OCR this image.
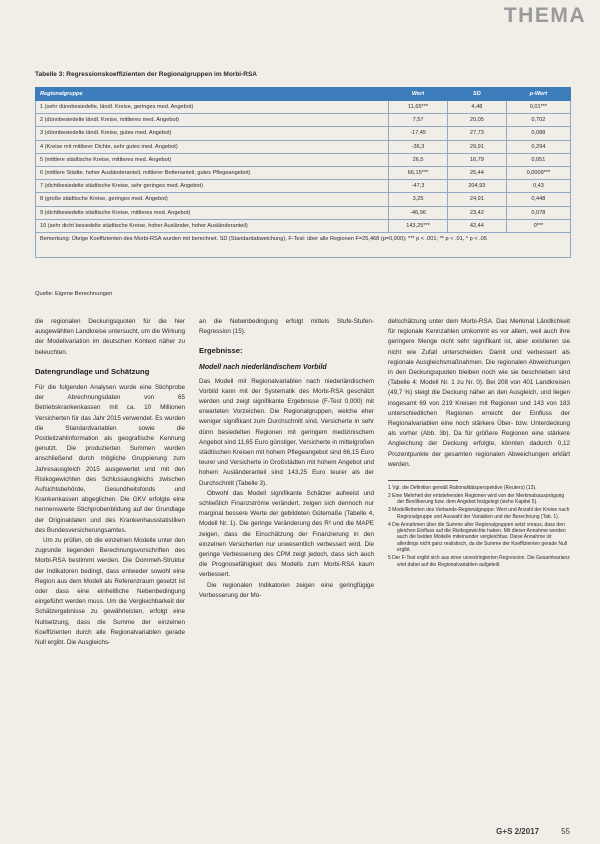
THEMA
Tabelle 3: Regressionskoeffizienten der Regionalgruppen im Morbi-RSA
Regionalgruppe	Wert	SD	p-Wert
1 (sehr dünnbesiedelte, ländl. Kreise, geringes med. Angebot)	11,65***	4,48	0,01***
2 (dünnbesiedelte ländl. Kreise, mittleres med. Angebot)	7,57	20,05	0,702
3 (dünnbesiedelte ländl. Kreise, gutes med. Angebot)	-17,45	27,73	0,088
4 (Kreise mit mittlerer Dichte, sehr gutes med. Angebot)	-36,3	29,91	0,294
5 (mittlere städtische Kreise, mittleres med. Angebot)	26,5	16,79	0,051
6 (mittlere Städte, hoher Ausländeranteil, mittlerer Bettenanteil, gutes Pflegeangebot)	66,15***	25,44	0,0009***
7 (dichtbesiedelte städtische Kreise, sehr geringes med. Angebot)	-47,3	204,93	0,43
8 (große städtische Kreise, geringes med. Angebot)	3,25	24,91	0,448
9 (dichtbesiedelte städtische Kreise, mittleres med. Angebot)	-46,96	23,42	0,078
10 (sehr dicht besiedelte städtische Kreise, hoher Ausländer, hoher Ausländeranteil)	143,25***	42,44	0***
Bemerkung: Übrige Koeffizienten des Morbi-RSA wurden mit berechnet. SD (Standardabweichung), F-Test: über alle Regionen F=25,468 (p=0,000); *** p < .001; ** p < .01, * p < .05			
Quelle: Eigene Berechnungen

die regionalen Deckungsquoten für die hier ausgewählten Landkreise untersucht, um die Wirkung der Modellvariation im deutschen Kontext näher zu beleuchten.

Datengrundlage und Schätzung

Für die folgenden Analysen wurde eine Stichprobe der Abrechnungsdaten von 65 Betriebskrankenkassen mit ca. 10 Millionen Versicherten für das Jahr 2015 verwendet. Es wurden die Standardvariablen sowie die Postleitzahlinformation als geografische Kennung genutzt. Die produzierten Summen wurden anschließend durch mögliche Gruppierung zum Jahresausgleich 2015 ausgewertet und mit den Risikogewichten des Schlussausgleichs zwischen Aufsichtsbehörde, Gesundheitsfonds und Krankenkassen abgeglichen. Die GKV erfolgte eine nennenswerte Stichprobenbildung auf der Grundlage der Originaldaten und des Krankenhausstatistiken des Bundesversicherungsamtes.

Um zu prüfen, ob die einzelnen Modelle unter den zugrunde liegenden Berechnungsvorschriften des Morbi-RSA bestimmt werden. Die Dommeh-Struktur der Indikatoren bedingt, dass entweder sowohl eine Region aus dem Modell als Referenzraum gesetzt ist oder dass eine einheitliche Nebenbedingung eingeführt werden muss. Um die Vergleichbarkeit der Schätzergebnisse zu gewährleisten, erfolgt eine Nullsetzung, dass die Summe der einzelnen Koeffizienten durch alle Regionalvariablen gerade Null ergibt. Die Ausgleichs-

an die Nebenbedingung erfolgt mittels Stufe-Stufen-Regression (15).

Ergebnisse:
Modell nach niederländischem Vorbild

Das Modell mit Regionalvariablen nach niederländischem Vorbild kann mit der Systematik des Morbi-RSA geschätzt werden und zeigt signifikante Ergebnisse (F-Test 0,000) mit erwarteten Vorzeichen. Die Regionalgruppen, welche eher weniger signifikant zum Durchschnitt sind, Versicherte in sehr dünn besiedelten Regionen mit geringem medizinischem Angebot sind 11,65 Euro günstiger, Versicherte in mittelgroßen städtischen Kreisen mit hohem Pflegeangebot sind 66,15 Euro teurer und Versicherte in Großstädten mit hohem Angebot und hohem Ausländeranteil sind 143,25 Euro teurer als der Durchschnitt (Tabelle 3).

Obwohl das Modell signifikante Schätzer aufweist und schließlich Finanzströme verändert, zeigen sich dennoch nur marginal bessere Werte der gebildeten Gütemaße (Tabelle 4, Modell Nr. 1). Die geringe Veränderung des R² und die MAPE zeigen, dass die Einschätzung der Finanzierung in den einzelnen Versicherten nur unwesentlich verbessert wird. Die geringe Verbesserung des CPM zeigt jedoch, dass sich auch die Prognosefähigkeit des Modells zum Morbi-RSA kaum verbessert.

Die regionalen Indikatoren zeigen eine geringfügige Verbesserung der Mo-

dellschätzung unter dem Morbi-RSA. Das Merkmal Ländlichkeit für regionale Kennzahlen umkommt es vor allem, weil auch ihre geringere Menge nicht sehr signifikant ist, aber existieren sie nicht wie Zufall unterscheiden. Damit und verbessert als regionale Ausgleichsmaßnahmen. Die regionalen Abweichungen in den Deckungsquoten bleiben noch wie sie beschrieben sind (Tabelle 4: Modell Nr. 1 zu Nr. 0). Bei 208 von 401 Landkreisen (49,7 %) steigt die Deckung näher an den Ausgleich, und liegen insgesamt 69 von 219 Kreisen mit Regionen und 143 von 183 unterschiedlichen Regionen erreicht der Einfluss der Regionalvariablen eine noch stärkere Über- bzw. Unterdeckung als vorher (Abb. 3b). Da für größere Regionen eine stärkere Angleichung der Deckung erfolgte, könnten dadurch 0,12 Prozentpunkte der gesamten regionalen Abweichungen erklärt werden.

1 Vgl. die Definition gemäß Rationalitätsperspektive (Reuters) (13).
2 Eine Mehrheit der entstehenden Regionen wird von der Merkmalsausprägung der Bevölkerung bzw. dem Angebot festgelegt (siehe Kapitel 5).
3 Modellkriterien des Verbands-Regionalgruppe: Wert und Anzahl der Kreise nach Regionalgruppe und Auswahl der Variablen und der Berechnung (Tab. 1).
4 Die Annahmen über die Summe aller Regionalgruppen setzt voraus, dass den gleichen Einfluss auf die Risikogewichte haben. Mit dieser Annahme werden auch die beiden Modelle miteinander vergleichbar. Diese Annahme ist allerdings nicht ganz realistisch, da die Summe der Koeffizienten gerade Null ergibt.
5 Der F-Test ergibt sich aus einer unrestringierten Regression. Die Gesamtvarianz wird dabei auf die Regionalvariablen aufgeteilt.
G+S 2/2017	55
